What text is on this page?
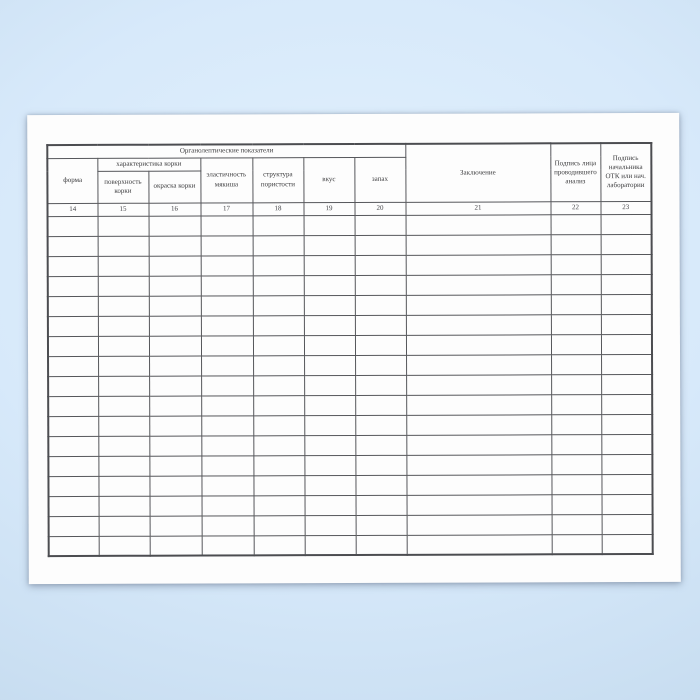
Органолептические показатели							Заключение	Подпись лица проводившего анализ	Подпись начальника ОТК или нач. лаборатории
форма	характеристика корки		эластичность мякиша	структура пористости	вкус	запах			
	поверхность корки	окраска корки							
14	15	16	17	18	19	20	21	22	23
